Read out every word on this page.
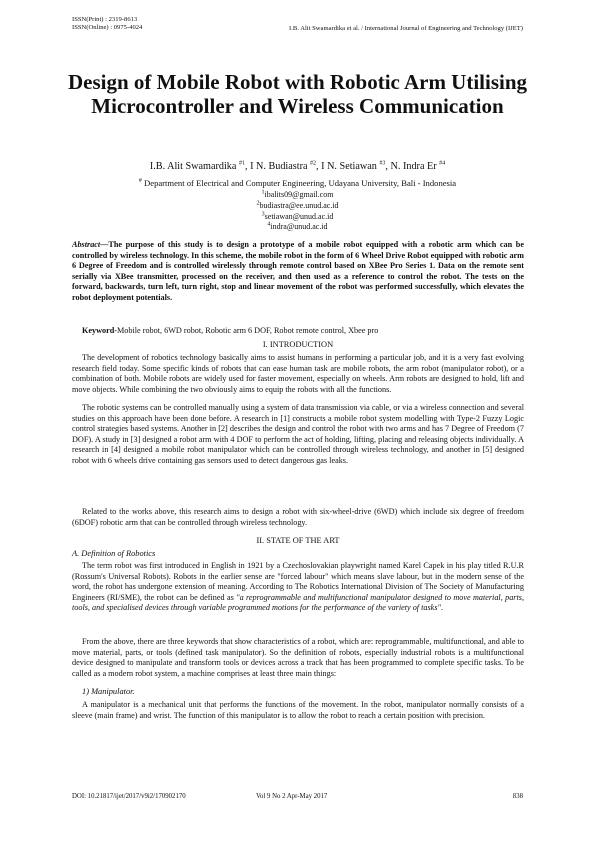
ISSN(Print) : 2319-8613
ISSN(Online) : 0975-4024	I.B. Alit Swamardika et al. / International Journal of Engineering and Technology (IJET)
Design of Mobile Robot with Robotic Arm Utilising Microcontroller and Wireless Communication
I.B. Alit Swamardika $^{\#1}$, I N. Budiastra $^{\#2}$, I N. Setiawan $^{\#3}$, N. Indra Er $^{\#4}$
# Department of Electrical and Computer Engineering, Udayana University, Bali - Indonesia
$^1$ibalits09@gmail.com
$^2$budiastra@ee.unud.ac.id
$^3$setiawan@unud.ac.id
$^4$indra@unud.ac.id
Abstract—The purpose of this study is to design a prototype of a mobile robot equipped with a robotic arm which can be controlled by wireless technology. In this scheme, the mobile robot in the form of 6 Wheel Drive Robot equipped with robotic arm 6 Degree of Freedom and is controlled wirelessly through remote control based on XBee Pro Series 1. Data on the remote sent serially via XBee transmitter, processed on the receiver, and then used as a reference to control the robot. The tests on the forward, backwards, turn left, turn right, stop and linear movement of the robot was performed successfully, which elevates the robot deployment potentials.
Keyword-Mobile robot, 6WD robot, Robotic arm 6 DOF, Robot remote control, Xbee pro
I. INTRODUCTION

The development of robotics technology basically aims to assist humans in performing a particular job, and it is a very fast evolving research field today. Some specific kinds of robots that can ease human task are mobile robots, the arm robot (manipulator robot), or a combination of both. Mobile robots are widely used for faster movement, especially on wheels. Arm robots are designed to hold, lift and move objects. While combining the two obviously aims to equip the robots with all the functions.

The robotic systems can be controlled manually using a system of data transmission via cable, or via a wireless connection and several studies on this approach have been done before. A research in [1] constructs a mobile robot system modelling with Type-2 Fuzzy Logic control strategies based systems. Another in [2] describes the design and control the robot with two arms and has 7 Degree of Freedom (7 DOF). A study in [3] designed a robot arm with 4 DOF to perform the act of holding, lifting, placing and releasing objects individually. A research in [4] designed a mobile robot manipulator which can be controlled through wireless technology, and another in [5] designed robot with 6 wheels drive containing gas sensors used to detect dangerous gas leaks.

Related to the works above, this research aims to design a robot with six-wheel-drive (6WD) which include six degree of freedom (6DOF) robotic arm that can be controlled through wireless technology.

II. STATE OF THE ART
A. Definition of Robotics

The term robot was first introduced in English in 1921 by a Czechoslovakian playwright named Karel Capek in his play titled R.U.R (Rossum's Universal Robots). Robots in the earlier sense are "forced labour" which means slave labour, but in the modern sense of the word, the robot has undergone extension of meaning. According to The Robotics International Division of The Society of Manufacturing Engineers (RI/SME), the robot can be defined as "a reprogrammable and multifunctional manipulator designed to move material, parts, tools, and specialised devices through variable programmed motions for the performance of the variety of tasks".

From the above, there are three keywords that show characteristics of a robot, which are: reprogrammable, multifunctional, and able to move material, parts, or tools (defined task manipulator). So the definition of robots, especially industrial robots is a multifunctional device designed to manipulate and transform tools or devices across a track that has been programmed to complete specific tasks. To be called as a modern robot system, a machine comprises at least three main things:

1) Manipulator.

A manipulator is a mechanical unit that performs the functions of the movement. In the robot, manipulator normally consists of a sleeve (main frame) and wrist. The function of this manipulator is to allow the robot to reach a certain position with precision.

DOI: 10.21817/ijet/2017/v9i2/170902170	Vol 9 No 2 Apr-May 2017	838
